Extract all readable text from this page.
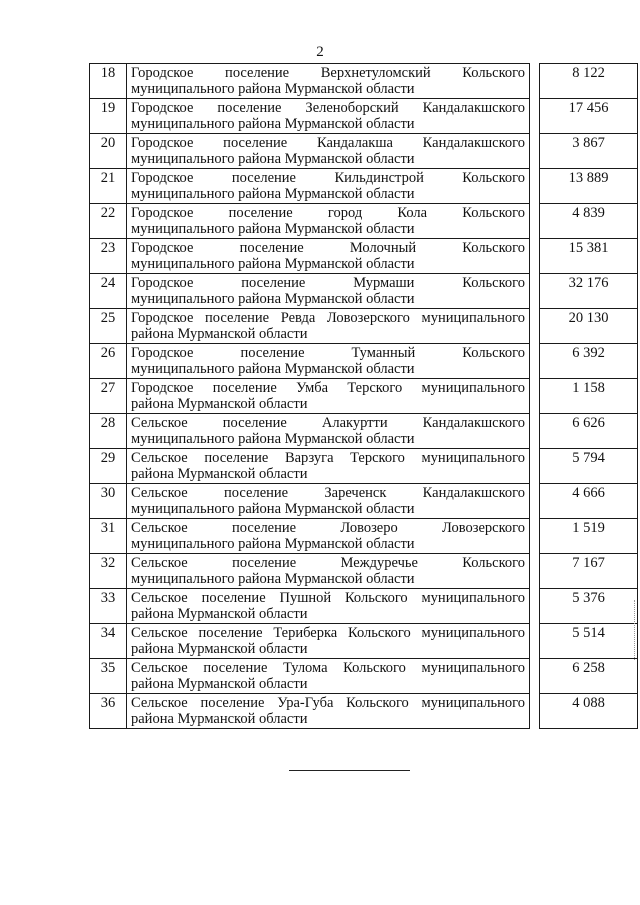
2
18	Городское поселение Верхнетуломский Кольского
муниципального района Мурманской области		8 122
19	Городское поселение Зеленоборский Кандалакшского
муниципального района Мурманской области		17 456
20	Городское поселение Кандалакша Кандалакшского
муниципального района Мурманской области		3 867
21	Городское поселение Кильдинстрой Кольского
муниципального района Мурманской области		13 889
22	Городское поселение город Кола Кольского
муниципального района Мурманской области		4 839
23	Городское поселение Молочный Кольского
муниципального района Мурманской области		15 381
24	Городское поселение Мурмаши Кольского
муниципального района Мурманской области		32 176
25	Городское поселение Ревда Ловозерского муниципального
района Мурманской области		20 130
26	Городское поселение Туманный Кольского
муниципального района Мурманской области		6 392
27	Городское поселение Умба Терского муниципального
района Мурманской области		1 158
28	Сельское поселение Алакуртти Кандалакшского
муниципального района Мурманской области		6 626
29	Сельское поселение Варзуга Терского муниципального
района Мурманской области		5 794
30	Сельское поселение Зареченск Кандалакшского
муниципального района Мурманской области		4 666
31	Сельское поселение Ловозеро Ловозерского
муниципального района Мурманской области		1 519
32	Сельское поселение Междуречье Кольского
муниципального района Мурманской области		7 167
33	Сельское поселение Пушной Кольского муниципального
района Мурманской области		5 376
34	Сельское поселение Териберка Кольского муниципального
района Мурманской области		5 514
35	Сельское поселение Тулома Кольского муниципального
района Мурманской области		6 258
36	Сельское поселение Ура-Губа Кольского муниципального
района Мурманской области		4 088
